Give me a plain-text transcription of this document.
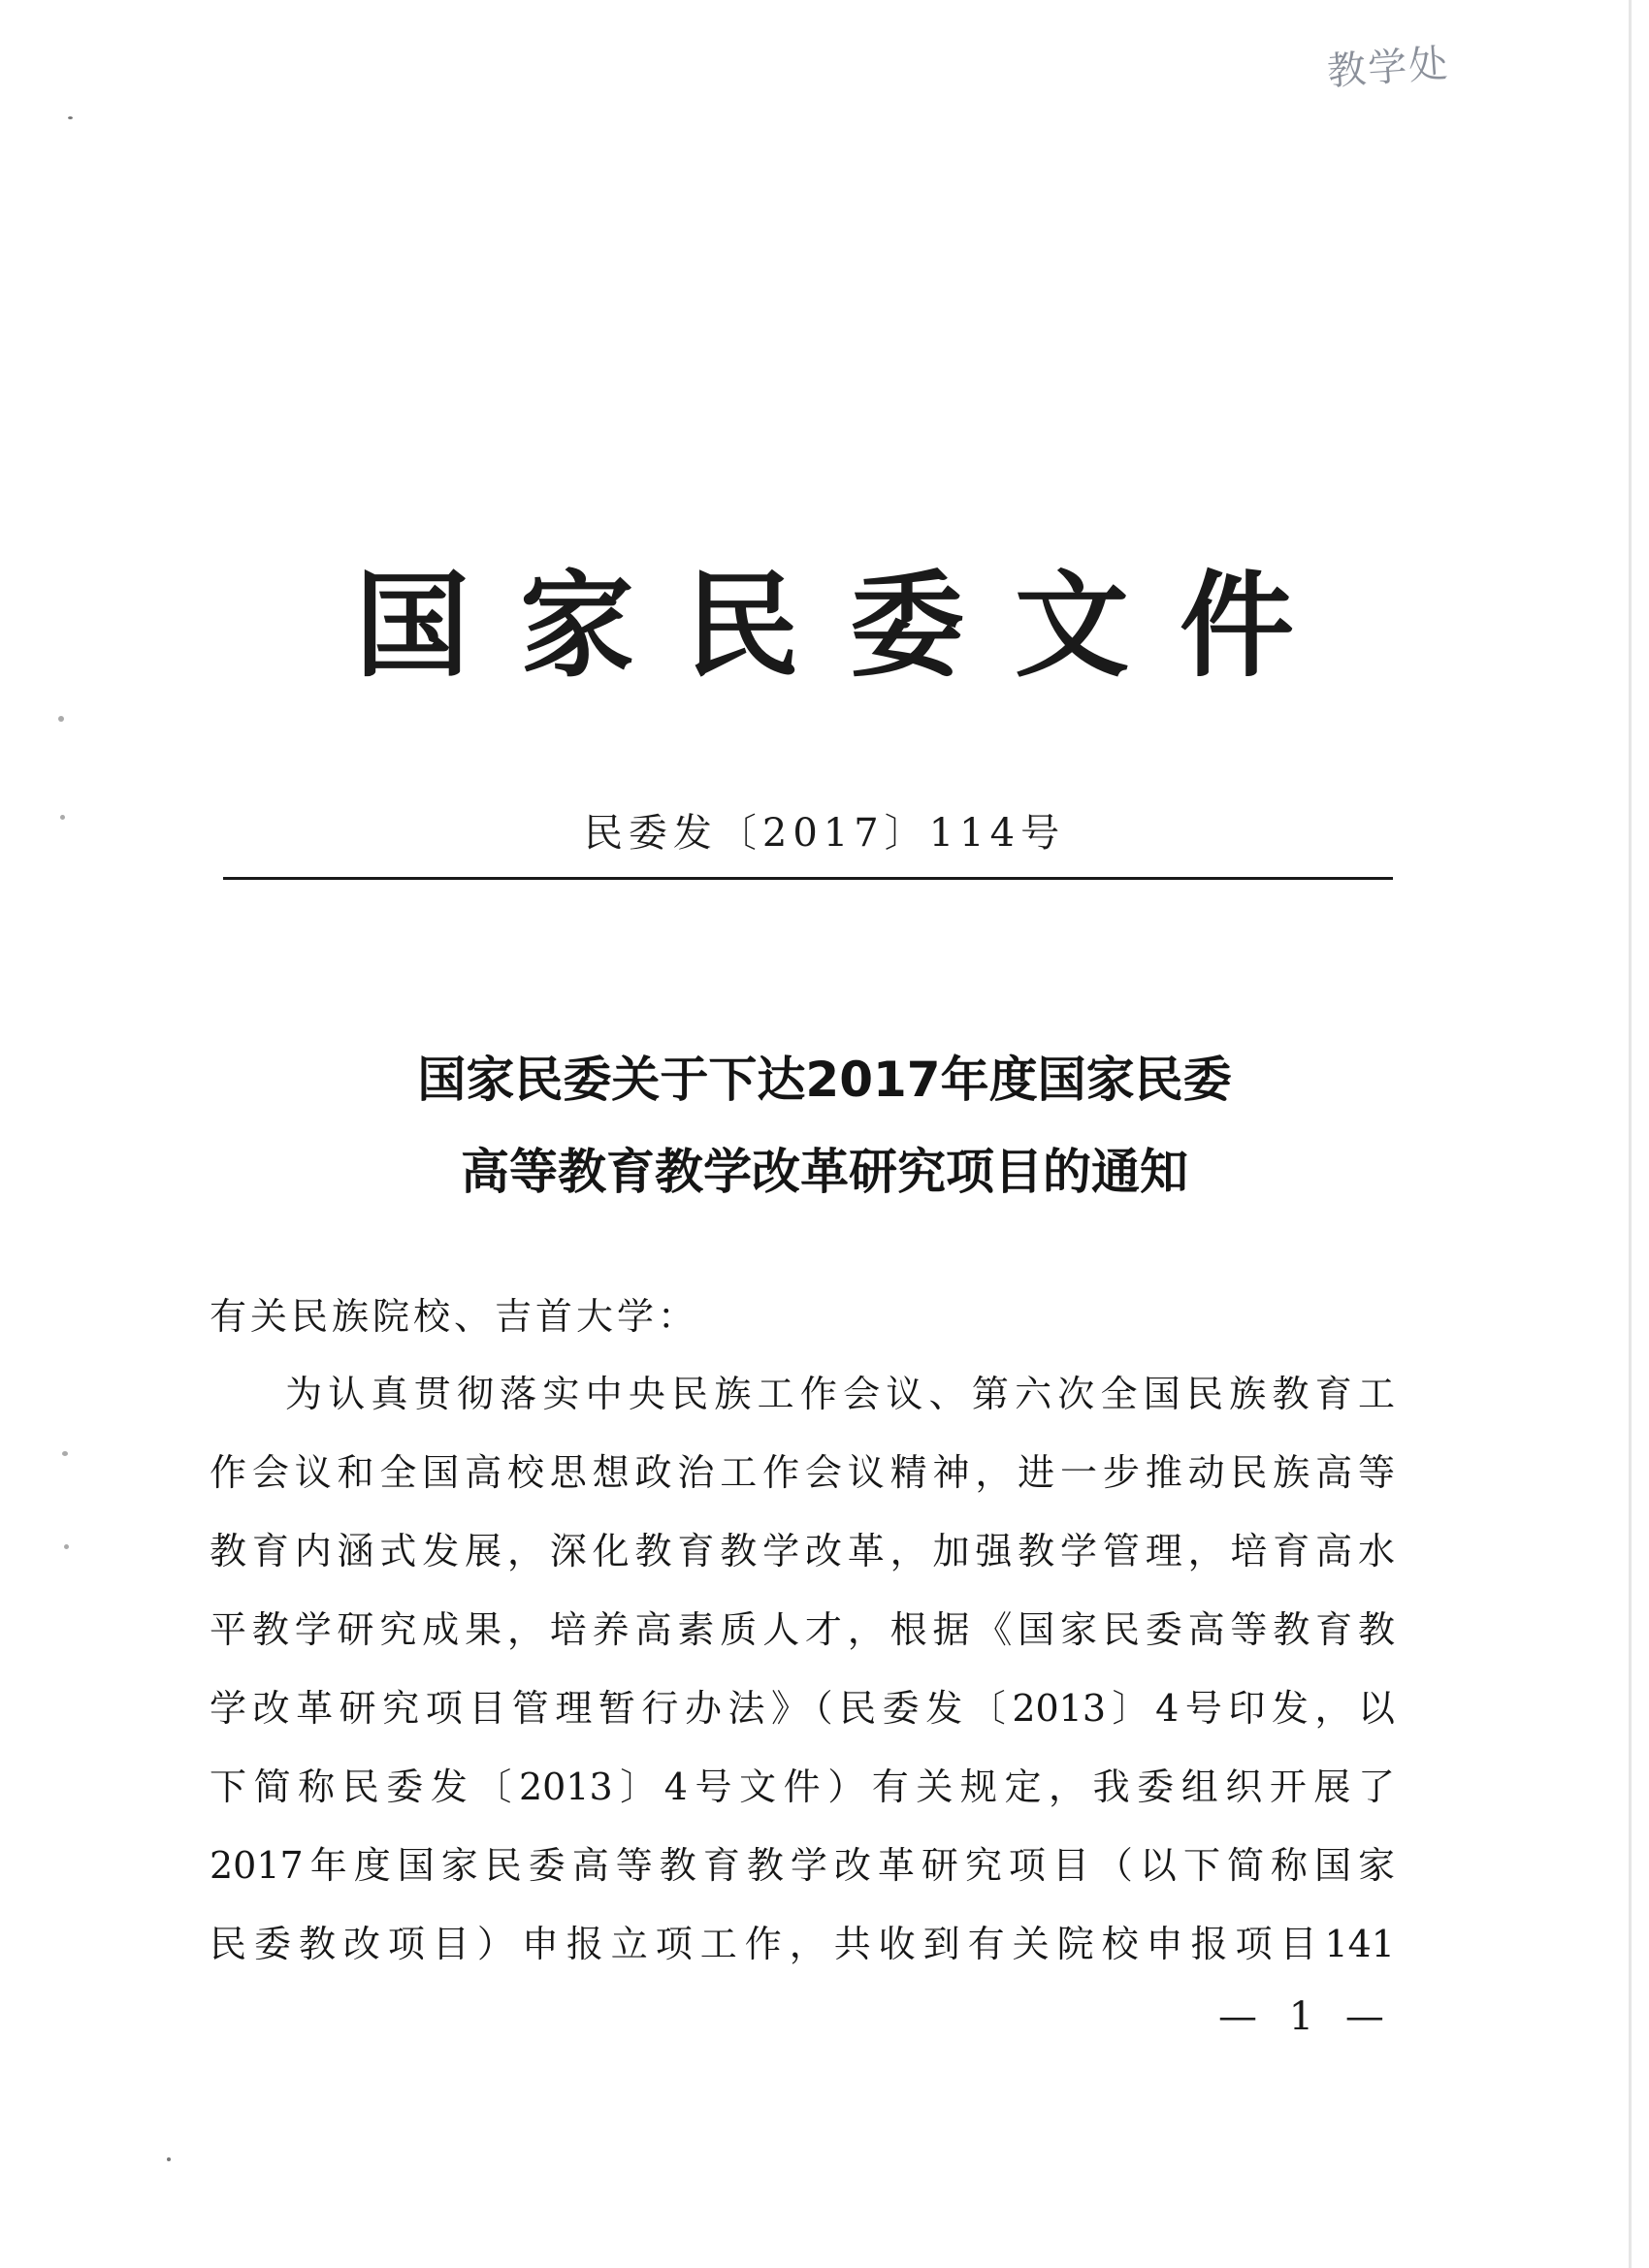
教学处
国家民委文件
民委发〔2017〕114号
国家民委关于下达2017年度国家民委
高等教育教学改革研究项目的通知
有关民族院校、吉首大学：
为认真贯彻落实中央民族工作会议、第六次全国民族教育工
作会议和全国高校思想政治工作会议精神，进一步推动民族高等
教育内涵式发展，深化教育教学改革，加强教学管理，培育高水
平教学研究成果，培养高素质人才，根据《国家民委高等教育教
学改革研究项目管理暂行办法》（民委发〔2013〕4号印发，以
下简称民委发〔2013〕4号文件）有关规定，我委组织开展了
2017年度国家民委高等教育教学改革研究项目（以下简称国家
民委教改项目）申报立项工作，共收到有关院校申报项目141
— 1 —
